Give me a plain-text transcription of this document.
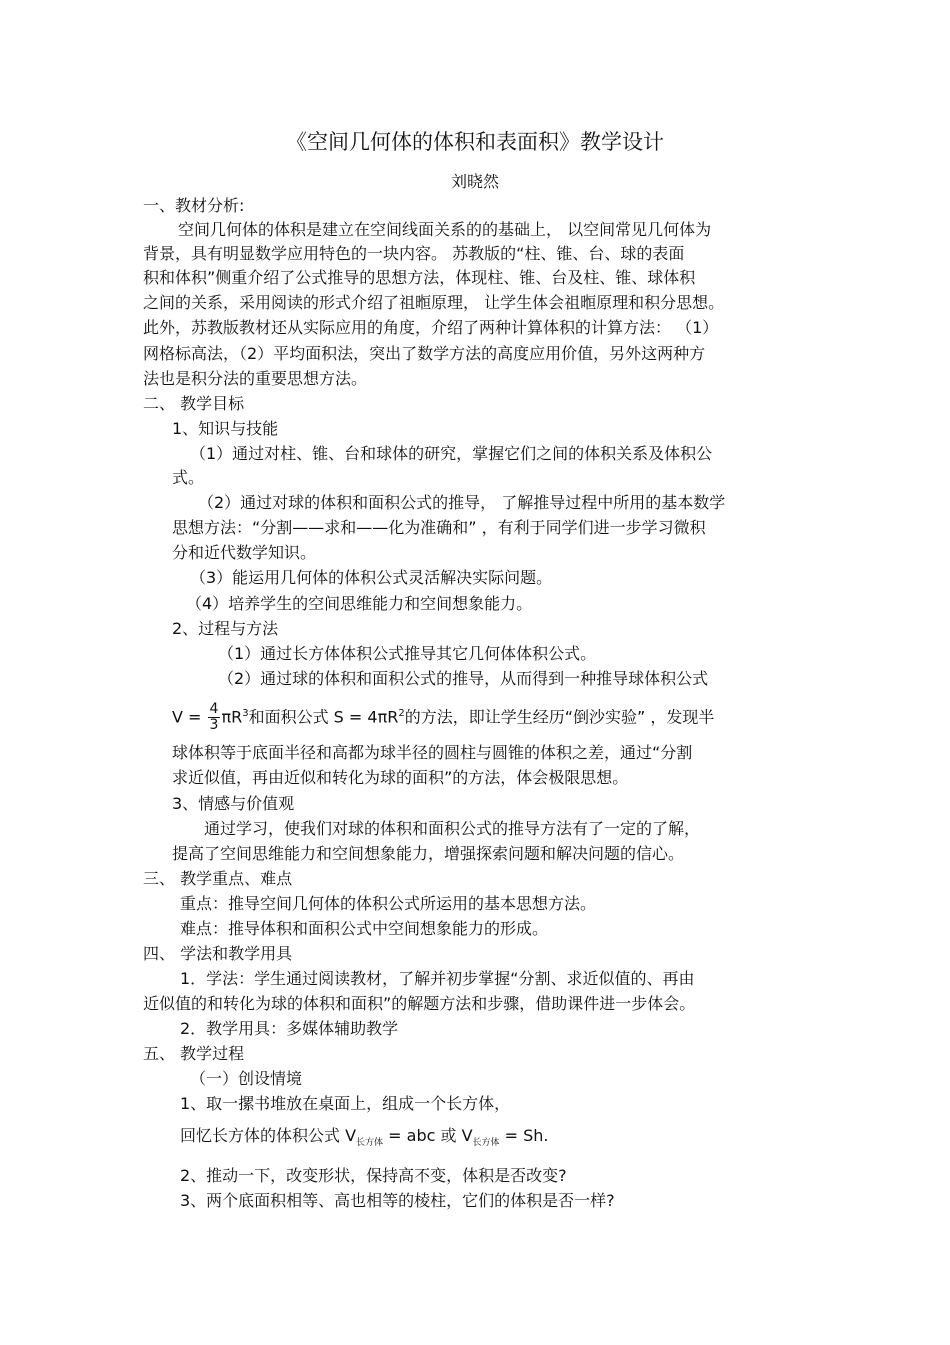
《空间几何体的体积和表面积》教学设计
刘晓然
一、教材分析:
空间几何体的体积是建立在空间线面关系的的基础上， 以空间常见几何体为
背景，具有明显数学应用特色的一块内容。 苏教版的“柱、锥、台、球的表面
积和体积”侧重介绍了公式推导的思想方法，体现柱、锥、台及柱、锥、球体积
之间的关系，采用阅读的形式介绍了祖暅原理， 让学生体会祖暅原理和积分思想。
此外，苏教版教材还从实际应用的角度，介绍了两种计算体积的计算方法： （1）
网格标高法，（2）平均面积法，突出了数学方法的高度应用价值，另外这两种方
法也是积分法的重要思想方法。
二、 教学目标
1、知识与技能
（1）通过对柱、锥、台和球体的研究，掌握它们之间的体积关系及体积公
式。
（2）通过对球的体积和面积公式的推导， 了解推导过程中所用的基本数学
思想方法：“分割——求和——化为准确和” ，有利于同学们进一步学习微积
分和近代数学知识。
（3）能运用几何体的体积公式灵活解决实际问题。
（4）培养学生的空间思维能力和空间想象能力。
2、过程与方法
（1）通过长方体体积公式推导其它几何体体积公式。
（2）通过球的体积和面积公式的推导，从而得到一种推导球体积公式
$V = \frac{4}{3} \pi R^3$和面积公式 $S = 4\pi R^2$的方法，即让学生经历“倒沙实验” ，发现半
球体积等于底面半径和高都为球半径的圆柱与圆锥的体积之差，通过“分割
求近似值，再由近似和转化为球的面积”的方法，体会极限思想。
3、情感与价值观
通过学习，使我们对球的体积和面积公式的推导方法有了一定的了解，
提高了空间思维能力和空间想象能力，增强探索问题和解决问题的信心。
三、 教学重点、难点
重点：推导空间几何体的体积公式所运用的基本思想方法。
难点：推导体积和面积公式中空间想象能力的形成。
四、 学法和教学用具
1．学法：学生通过阅读教材，了解并初步掌握“分割、求近似值的、再由
近似值的和转化为球的体积和面积”的解题方法和步骤，借助课件进一步体会。
2．教学用具：多媒体辅助教学
五、 教学过程
（一）创设情境
1、取一摞书堆放在桌面上，组成一个长方体，
回忆长方体的体积公式 $V_{长方体}$ = abc 或 $V_{长方体} = Sh$.
2、推动一下，改变形状，保持高不变，体积是否改变?
3、两个底面积相等、高也相等的棱柱，它们的体积是否一样?
